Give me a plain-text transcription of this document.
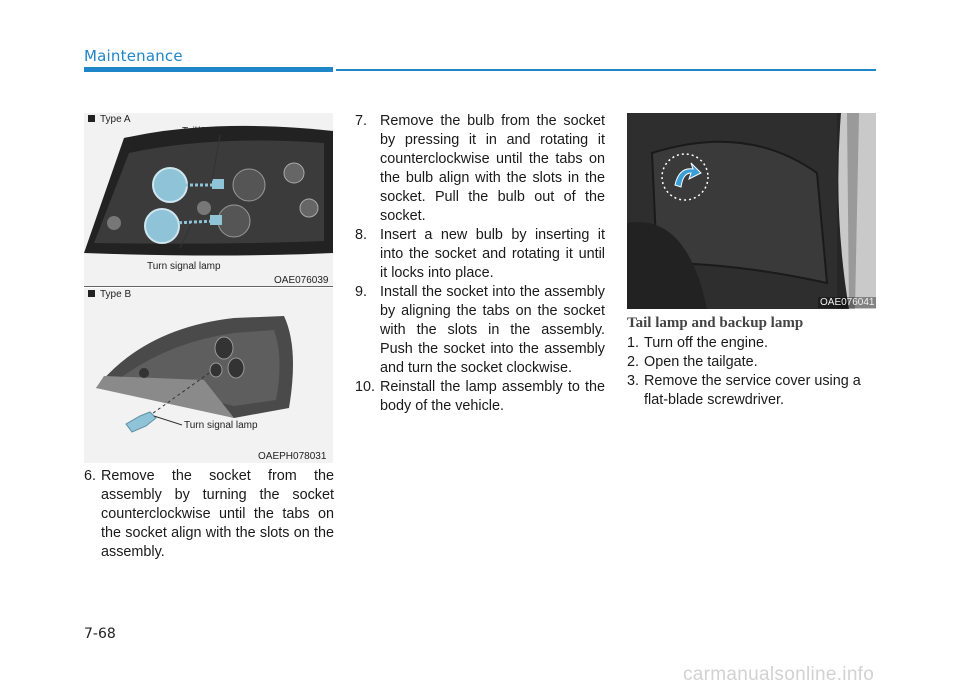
Maintenance
Type A
Tail/Stop lamp
Turn signal lamp
OAE076039
Type B
Turn signal lamp
OAEPH078031
OAE076041
6. Remove the socket from the assembly by turning the socket counterclockwise until the tabs on the socket align with the slots on the assembly.
7. Remove the bulb from the socket by pressing it in and rotating it counterclockwise until the tabs on the bulb align with the slots in the socket. Pull the bulb out of the socket.
8. Insert a new bulb by inserting it into the socket and rotating it until it locks into place.
9. Install the socket into the assembly by aligning the tabs on the socket with the slots in the assembly. Push the socket into the assembly and turn the socket clockwise.
10. Reinstall the lamp assembly to the body of the vehicle.
Tail lamp and backup lamp
1. Turn off the engine.
2. Open the tailgate.
3. Remove the service cover using a flat-blade screwdriver.
7-68
carmanualsonline.info
